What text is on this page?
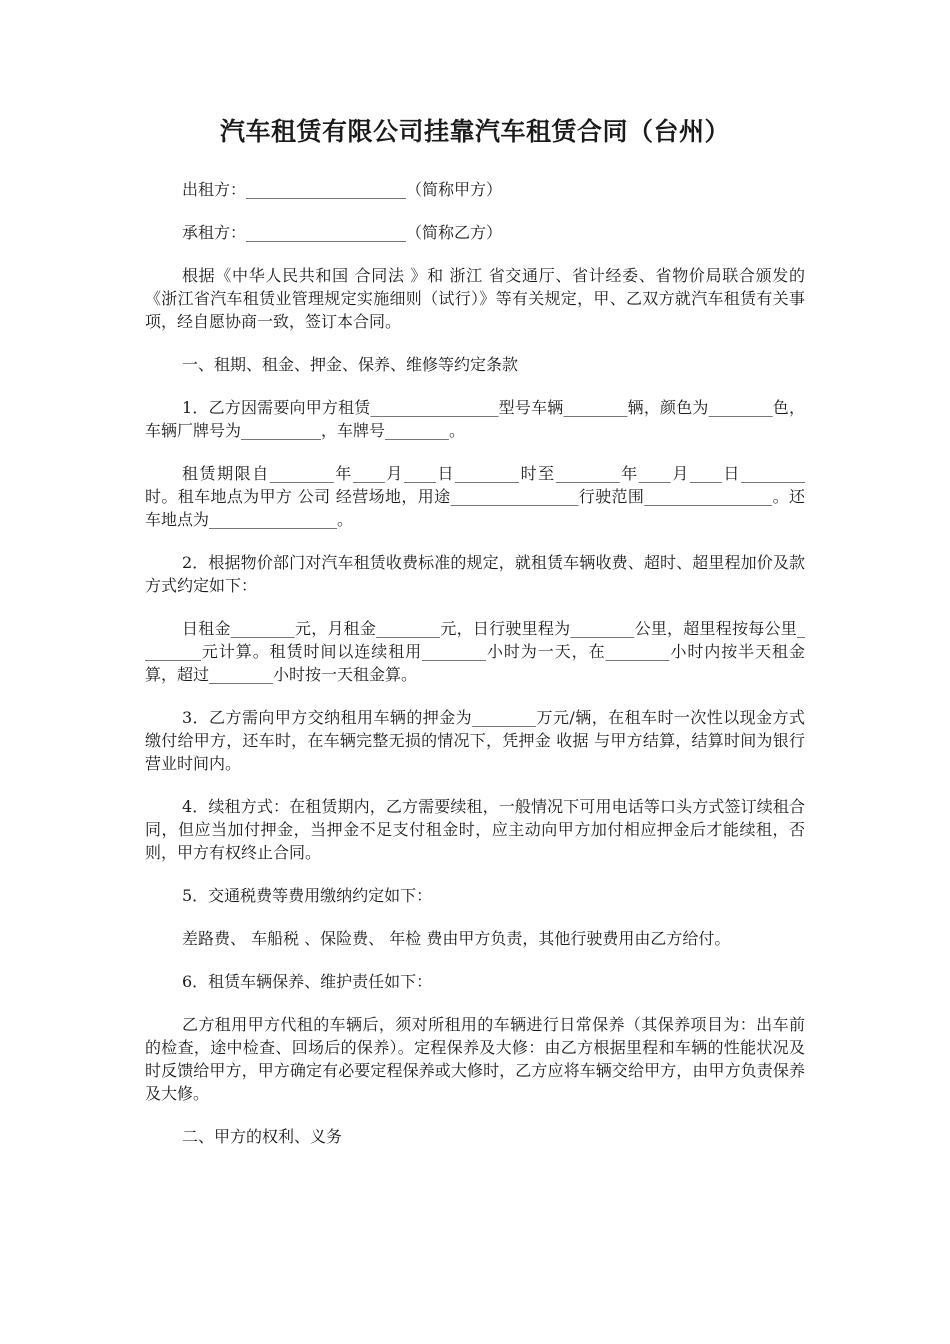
汽车租赁有限公司挂靠汽车租赁合同（台州）

出租方：____________________（简称甲方）

承租方：____________________（简称乙方）

根据《中华人民共和国 合同法 》和 浙江 省交通厅、省计经委、省物价局联合颁发的《浙江省汽车租赁业管理规定实施细则（试行）》等有关规定，甲、乙双方就汽车租赁有关事项，经自愿协商一致，签订本合同。

一、租期、租金、押金、保养、维修等约定条款

1．乙方因需要向甲方租赁________________型号车辆________辆，颜色为________色，车辆厂牌号为__________，车牌号________。

租赁期限自________年____月____日________时至________年____月____日________时。租车地点为甲方 公司 经营场地，用途________________行驶范围________________。还车地点为________________。

2．根据物价部门对汽车租赁收费标准的规定，就租赁车辆收费、超时、超里程加价及款方式约定如下：

日租金________元，月租金________元，日行驶里程为________公里，超里程按每公里________元计算。租赁时间以连续租用________小时为一天，在________小时内按半天租金算，超过________小时按一天租金算。

3．乙方需向甲方交纳租用车辆的押金为________万元/辆，在租车时一次性以现金方式缴付给甲方，还车时，在车辆完整无损的情况下，凭押金 收据 与甲方结算，结算时间为银行营业时间内。

4．续租方式：在租赁期内，乙方需要续租，一般情况下可用电话等口头方式签订续租合同，但应当加付押金，当押金不足支付租金时，应主动向甲方加付相应押金后才能续租，否则，甲方有权终止合同。

5．交通税费等费用缴纳约定如下：

差路费、 车船税 、保险费、 年检 费由甲方负责，其他行驶费用由乙方给付。

6．租赁车辆保养、维护责任如下：

乙方租用甲方代租的车辆后，须对所租用的车辆进行日常保养（其保养项目为：出车前的检查，途中检查、回场后的保养）。定程保养及大修：由乙方根据里程和车辆的性能状况及时反馈给甲方，甲方确定有必要定程保养或大修时，乙方应将车辆交给甲方，由甲方负责保养及大修。

二、甲方的权利、义务
